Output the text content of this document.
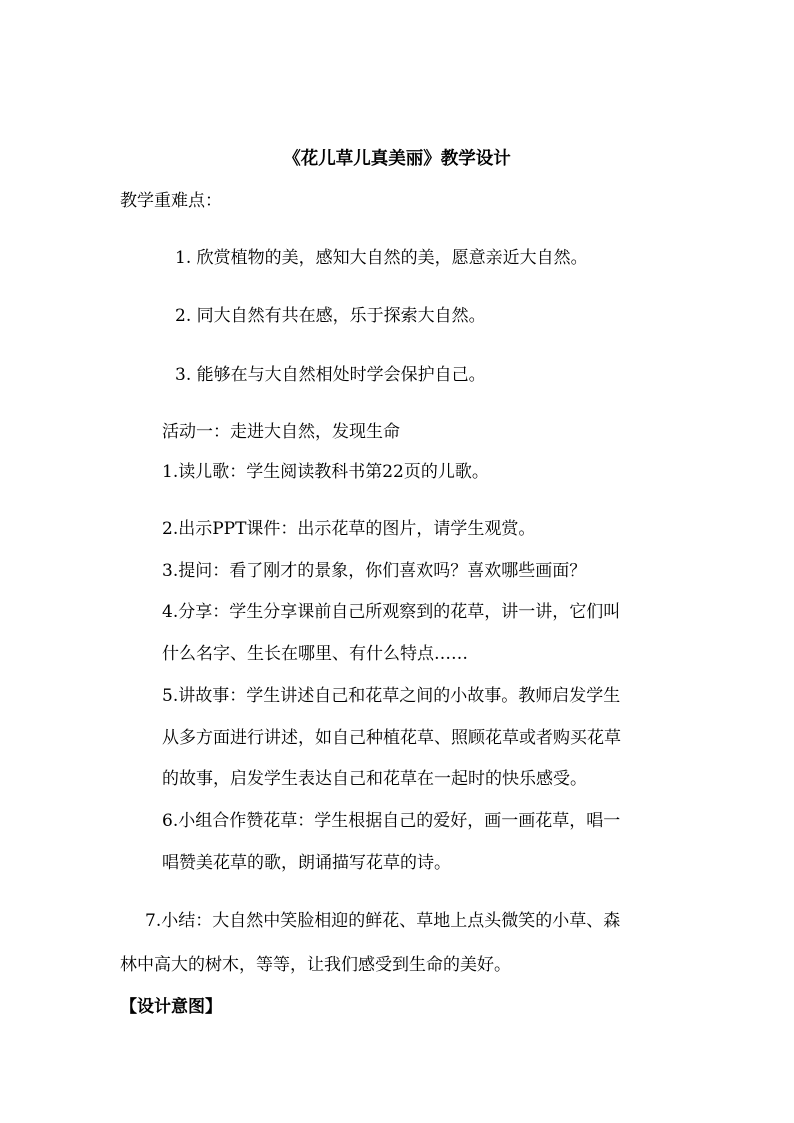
《花儿草儿真美丽》教学设计
教学重难点：
1. 欣赏植物的美，感知大自然的美，愿意亲近大自然。
2. 同大自然有共在感，乐于探索大自然。
3. 能够在与大自然相处时学会保护自己。
活动一：走进大自然，发现生命
1.读儿歌：学生阅读教科书第22页的儿歌。
2.出示PPT课件：出示花草的图片，请学生观赏。
3.提问：看了刚才的景象，你们喜欢吗？喜欢哪些画面？
4.分享：学生分享课前自己所观察到的花草，讲一讲，它们叫
什么名字、生长在哪里、有什么特点……
5.讲故事：学生讲述自己和花草之间的小故事。教师启发学生
从多方面进行讲述，如自己种植花草、照顾花草或者购买花草
的故事，启发学生表达自己和花草在一起时的快乐感受。
6.小组合作赞花草：学生根据自己的爱好，画一画花草，唱一
唱赞美花草的歌，朗诵描写花草的诗。
7.小结：大自然中笑脸相迎的鲜花、草地上点头微笑的小草、森
林中高大的树木，等等，让我们感受到生命的美好。
【设计意图】
